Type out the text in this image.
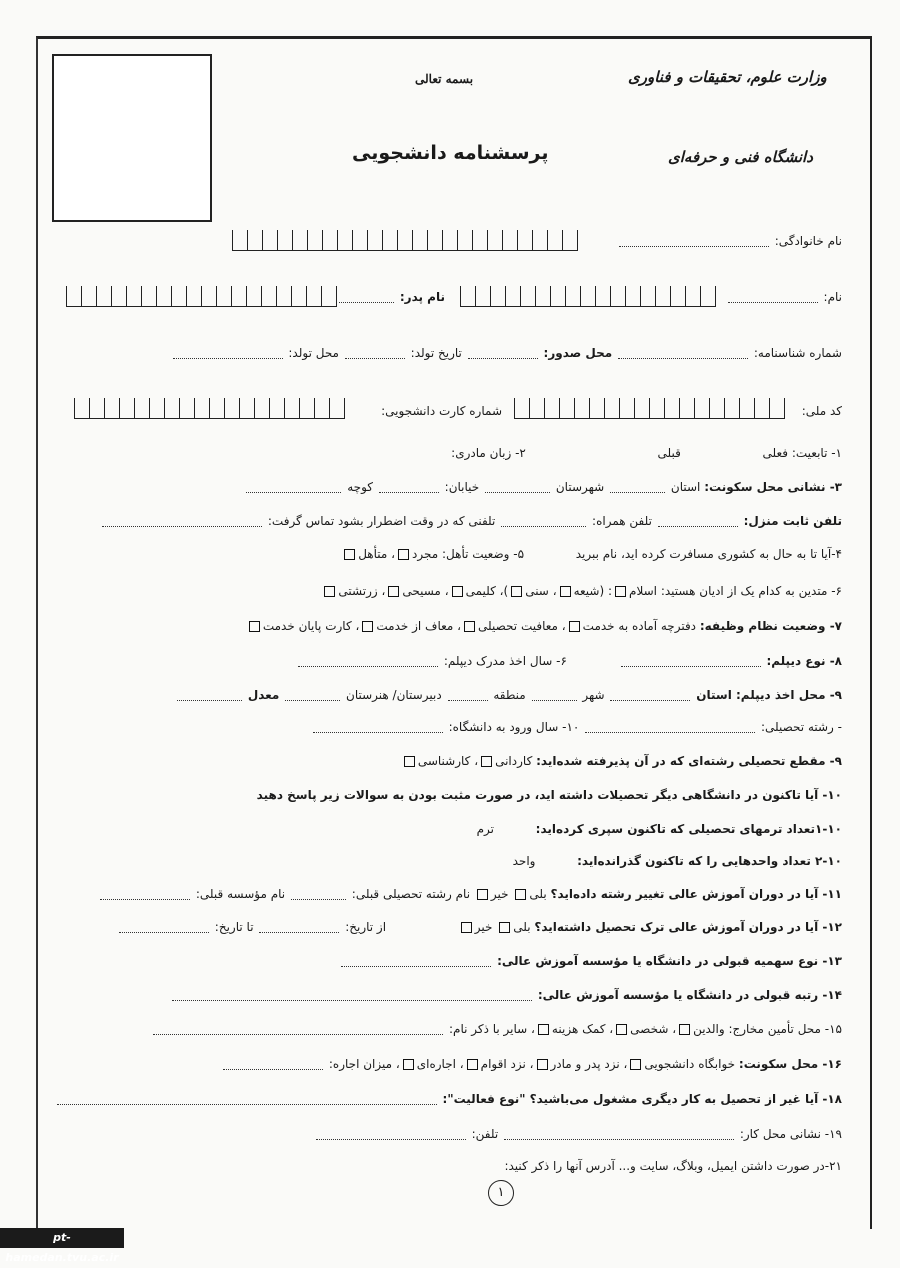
بسمه تعالی	وزارت علوم، تحقیقات و فناوری
دانشگاه فنی و حرفه‌ای
پرسشنامه دانشجویی
نام خانوادگی:
نام:
نام پدر:
شماره شناسنامه:  محل صدور:  تاریخ تولد:  محل تولد:
کد ملی:
شماره کارت دانشجویی:
۱- تابعیت: فعلی  قبلی  ۲- زبان مادری:
۳- نشانی محل سکونت: استان  شهرستان  خیابان:  کوچه
تلفن ثابت منزل:  تلفن همراه:  تلفنی که در وقت اضطرار بشود تماس گرفت:
۴-آیا تا به حال به کشوری مسافرت کرده اید، نام ببرید  ۵- وضعیت تأهل: مجرد، متأهل
۶- متدین به کدام یک از ادیان هستید: اسلام: (شیعه، سنی)، کلیمی، مسیحی، زرتشتی
۷- وضعیت نظام وظیفه: دفترچه آماده به خدمت، معافیت تحصیلی، معاف از خدمت، کارت پایان خدمت
۸- نوع دیپلم:   ۶- سال اخذ مدرک دیپلم:
۹- محل اخذ دیپلم: استان  شهر  منطقه  دبیرستان/ هنرستان  معدل
- رشته تحصیلی:  ۱۰- سال ورود به دانشگاه:
۹- مقطع تحصیلی رشته‌ای که در آن پذیرفته شده‌اید: کاردانی، کارشناسی
۱۰- آیا تاکنون در دانشگاهی دیگر تحصیلات داشته اید، در صورت مثبت بودن به سوالات زیر پاسخ دهید
۱-۱۰تعداد ترمهای تحصیلی که تاکنون سپری کرده‌اید:  ترم
۲-۱۰ تعداد واحدهایی را که تاکنون گذرانده‌اید:  واحد
۱۱- آیا در دوران آموزش عالی تغییر رشته داده‌اید؟ بلی خیر نام رشته تحصیلی قبلی:  نام مؤسسه قبلی:
۱۲- آیا در دوران آموزش عالی ترک تحصیل داشته‌اید؟ بلی خیر  از تاریخ:  تا تاریخ:
۱۳- نوع سهمیه قبولی در دانشگاه یا مؤسسه آموزش عالی:
۱۴- رتبه قبولی در دانشگاه یا مؤسسه آموزش عالی:
۱۵- محل تأمین مخارج: والدین، شخصی، کمک هزینه، سایر با ذکر نام:
۱۶- محل سکونت: خوابگاه دانشجویی، نزد پدر و مادر، نزد اقوام، اجاره‌ای، میزان اجاره:
۱۸- آیا غیر از تحصیل به کار دیگری مشغول می‌باشید؟ "نوع فعالیت":
۱۹- نشانی محل کار:  تلفن:
۲۱-در صورت داشتن ایمیل، وبلاگ، سایت و... آدرس آنها را ذکر کنید:
۱
pt-hamedan.tvu.ac.ir
